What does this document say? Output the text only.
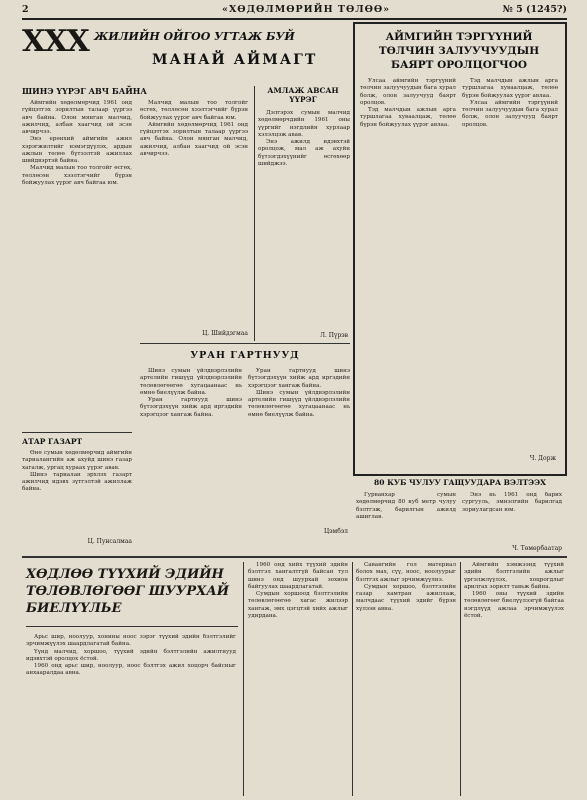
2	«ХӨДӨЛМӨРИЙН ТӨЛӨӨ»	№ 5 (1245?)
XXX ЖИЛИЙН ОЙГОО УГТАЖ БУЙ
МАНАЙ АЙМАГТ
АЙМГИЙН ТЭРГҮҮНИЙ
ТӨЛЧИН ЗАЛУУЧУУДЫН
БАЯРТ ОРОЛЦОГЧОО
ШИНЭ ҮҮРЭГ АВЧ БАЙНА

Аймгийн хөдөлмөрчид 1961 онд гүйцэтгэх зорилтын талаар үүргээ авч байна. Олон мянган малчид, ажилчид, албан хаагчид ой эсэн авчирчээ.

Энэ ерөнхий аймгийн ажил хэрэгжилтийг нэмэгдүүлэх, ардын ажлын төлөө бүтээлтэй ажиллах шийдвэртэй байна.

Малчид малын тоо толгойг өсгөх, төллөсөн хээлтэгчийг бүрэн бойжуулах үүрэг авч байгаа юм.

Малчид малын тоо толгойг өсгөх, төллөсөн хээлтэгчийг бүрэн бойжуулах үүрэг авч байгаа юм.

Аймгийн хөдөлмөрчид 1961 онд гүйцэтгэх зорилтын талаар үүргээ авч байна. Олон мянган малчид, ажилчид, албан хаагчид ой эсэн авчирчээ.

Ц. Шийдэгмаа
АМЛАЖ АВСАН ҮҮРЭГ

Дэлгэрэх сумын малчид хөдөлмөрчдийн 1961 оны үүргийг нэгдлийн хурлаар хэлэлцэж авав.

Энэ ажилд идэвхтэй оролцож, мал аж ахуйн бүтээгдэхүүнийг өсгөхөөр шийджээ.

Л. Пүрэв
АТАР ГАЗАРТ

Өнө сумын хөдөлмөрчид аймгийн тариалангийн аж ахуйд шинэ газар хагалж, ургац хураах үүрэг авав.

Шинэ тариалан эрхлэх газарт ажилчид идэвх зүтгэлтэй ажиллаж байна.

Ц. Пунсалмаа
УРАН ГАРТНУУД

Шинэ сумын үйлдвэрлэлийн артелийн гишүүд үйлдвэрлэлийн төлөвлөгөөгөө хугацаанаас нь өмнө биелүүлж байна.

Уран гартнууд шинэ бүтээгдэхүүн хийж ард иргэдийн хэрэгцээг хангаж байна.

Уран гартнууд шинэ бүтээгдэхүүн хийж ард иргэдийн хэрэгцээг хангаж байна.

Шинэ сумын үйлдвэрлэлийн артелийн гишүүд үйлдвэрлэлийн төлөвлөгөөгөө хугацаанаас нь өмнө биелүүлж байна.

Цэмбэл

Улсаа аймгийн тэргүүний төлчин залуучуудын бага хурал болж, олон залуучууд баярт оролцов.

Тэд малчдын ажлын арга туршлагаа хуваалцаж, төлөө бүрэн бойжуулах үүрэг авлаа.

Тэд малчдын ажлын арга туршлагаа хуваалцаж, төлөө бүрэн бойжуулах үүрэг авлаа.

Улсаа аймгийн тэргүүний төлчин залуучуудын бага хурал болж, олон залуучууд баярт оролцов.

Ч. Дорж
80 КУБ ЧУЛУУ ГАЩУУДАРА ВЭЛТЭЭХ

Гурванхар сумын хөдөлмөрчид 80 куб метр чулуу бэлтгэж, барилгын ажилд ашиглав.

Энэ нь 1961 онд барих сургууль, эмнэлгийн барилгад зориулагдсан юм.

Ч. Төмөрбаатар
ХӨДЛӨӨ ТҮҮХИЙ ЭДИЙН
ТӨЛӨВЛӨГӨӨГ ШУУРХАЙ
БИЕЛҮҮЛЬЕ

Арьс шир, ноолуур, хонины ноос зэрэг түүхий эдийн бэлтгэлийг эрчимжүүлэх шаардлагатай байна.

Үүнд малчид, хоршоо, түүхий эдийн бэлтгэлийн ажилтнууд идэвхтэй оролцох ёстой.

1960 онд арьс шир, ноолуур, ноос бэлтгэх ажил хоцорч байсныг анхааралдаа авна.

1960 онд хийх түүхий эдийн бэлтгэл хангалтгүй байсан тул шинэ онд шуурхай зохион байгуулах шаардлагатай.

Сумдын хоршоод бэлтгэлийн төлөвлөгөөгөө хагас жилээр хангаж, эмх цэгцтэй хийх ажлыг удирдана.

Савангийн гол материал болох мах, сүү, ноос, ноолуурыг бэлтгэх ажлыг эрчимжүүлнэ.

Сумдын хоршоо, бэлтгэлийн газар хамтран ажиллаж, малчдаас түүхий эдийг бүрэн хүлээн авна.

Аймгийн хэмжээнд түүхий эдийн бэлтгэлийн ажлыг үргэлжлүүлэх, хоцрогдлыг арилгах зорилт тавьж байна.

1960 оны түүхий эдийн төлөвлөгөөг биелүүлээгүй байгаа нэгдлүүд ажлаа эрчимжүүлэх ёстой.
